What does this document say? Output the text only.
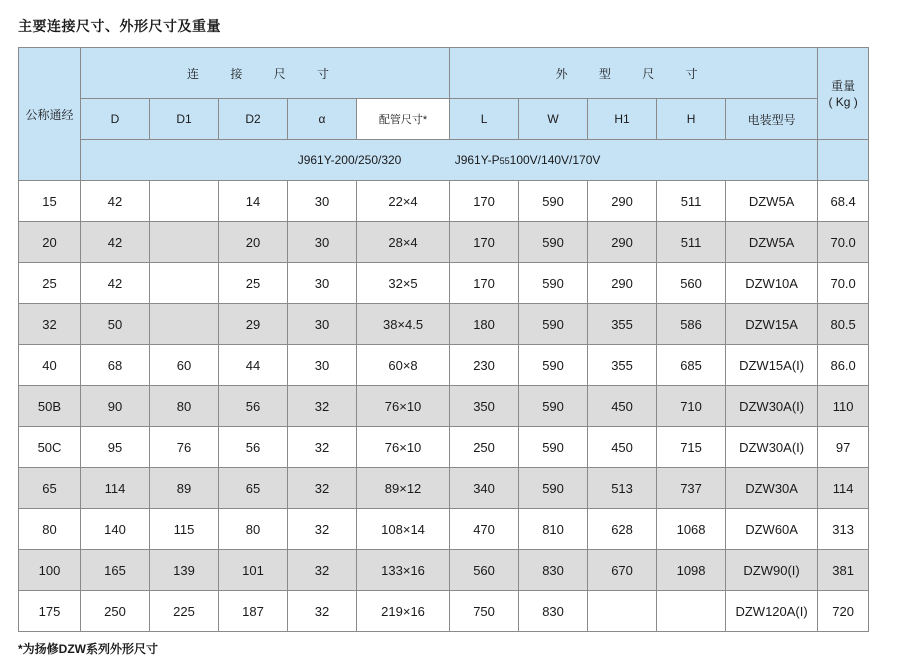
主要连接尺寸、外形尺寸及重量
公称通经	连 接 尺 寸					外 型 尺 寸					重量
( Kg )
	D	D1	D2	α	配管尺寸*	L	W	H1	H	电装型号	
	J961Y-200/250/320 J961Y-P55100V/140V/170V										
15	42		14	30	22×4	170	590	290	511	DZW5A	68.4
20	42		20	30	28×4	170	590	290	511	DZW5A	70.0
25	42		25	30	32×5	170	590	290	560	DZW10A	70.0
32	50		29	30	38×4.5	180	590	355	586	DZW15A	80.5
40	68	60	44	30	60×8	230	590	355	685	DZW15A(I)	86.0
50B	90	80	56	32	76×10	350	590	450	710	DZW30A(I)	110
50C	95	76	56	32	76×10	250	590	450	715	DZW30A(I)	97
65	114	89	65	32	89×12	340	590	513	737	DZW30A	114
80	140	115	80	32	108×14	470	810	628	1068	DZW60A	313
100	165	139	101	32	133×16	560	830	670	1098	DZW90(I)	381
175	250	225	187	32	219×16	750	830			DZW120A(I)	720
*为扬修DZW系列外形尺寸
